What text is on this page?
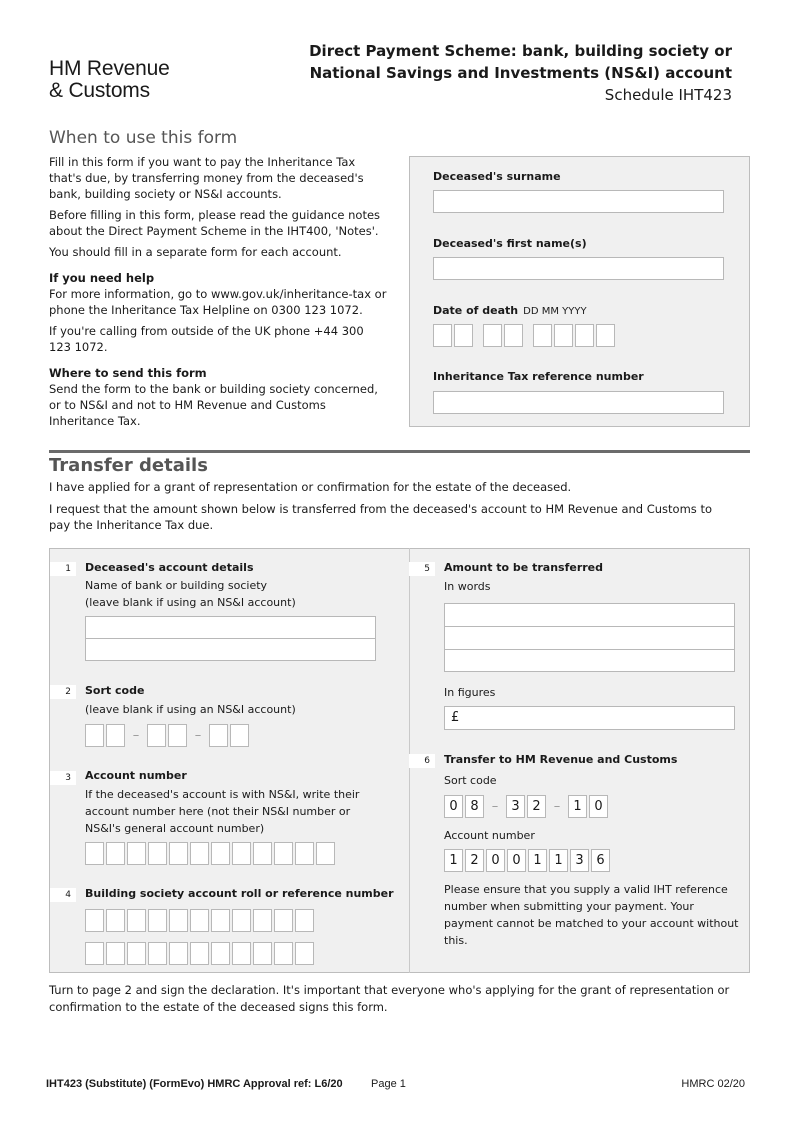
HM Revenue
& Customs
Direct Payment Scheme: bank, building society or
National Savings and Investments (NS&I) account
Schedule IHT423
When to use this form

Fill in this form if you want to pay the Inheritance Tax that's due, by transferring money from the deceased's bank, building society or NS&I accounts.

Before filling in this form, please read the guidance notes about the Direct Payment Scheme in the IHT400, 'Notes'.

You should fill in a separate form for each account.

If you need help

For more information, go to www.gov.uk/inheritance-tax or phone the Inheritance Tax Helpline on 0300 123 1072.

If you're calling from outside of the UK phone +44 300 123 1072.

Where to send this form

Send the form to the bank or building society concerned, or to NS&I and not to HM Revenue and Customs Inheritance Tax.

Deceased's surname
Deceased's first name(s)
Date of death DD MM YYYY
Inheritance Tax reference number
Transfer details

I have applied for a grant of representation or confirmation for the estate of the deceased.

I request that the amount shown below is transferred from the deceased's account to HM Revenue and Customs to pay the Inheritance Tax due.

1	Deceased's account details
Name of bank or building society
(leave blank if using an NS&I account)
2	Sort code
(leave blank if using an NS&I account)
–	–
3	Account number
If the deceased's account is with NS&I, write their
account number here (not their NS&I number or
NS&I's general account number)
4	Building society account roll or reference number
5	Amount to be transferred
In words
In figures
£
6	Transfer to HM Revenue and Customs
Sort code
0 8	–	3 2	–	1 0
Account number
1 2 0 0 1 1 3 6
Please ensure that you supply a valid IHT reference number when submitting your payment. Your payment cannot be matched to your account without this.
Turn to page 2 and sign the declaration. It's important that everyone who's applying for the grant of representation or confirmation to the estate of the deceased signs this form.
IHT423 (Substitute) (FormEvo) HMRC Approval ref: L6/20	Page 1	HMRC 02/20
